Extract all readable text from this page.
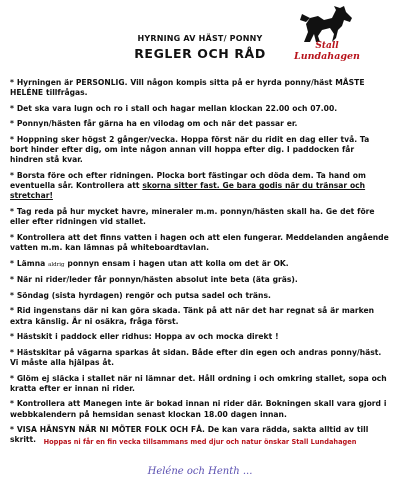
HYRNING AV HÄST/ PONNY
REGLER OCH RÅD	Stall
Lundahagen
* Hyrningen är PERSONLIG. Vill någon kompis sitta på er hyrda ponny/häst MÅSTE HELÉNE tillfrågas.
* Det ska vara lugn och ro i stall och hagar mellan klockan 22.00 och 07.00.
* Ponnyn/hästen får gärna ha en vilodag om och när det passar er.
* Hoppning sker högst 2 gånger/vecka. Hoppa först när du ridit en dag eller två. Ta bort hinder efter dig, om inte någon annan vill hoppa efter dig. I paddocken får hindren stå kvar.
* Borsta före och efter ridningen. Plocka bort fästingar och döda dem. Ta hand om eventuella sår. Kontrollera att skorna sitter fast. Ge bara godis när du tränsar och stretchar!
* Tag reda på hur mycket havre, mineraler m.m. ponnyn/hästen skall ha. Ge det före eller efter ridningen vid stallet.
* Kontrollera att det finns vatten i hagen och att elen fungerar. Meddelanden angående vatten m.m. kan lämnas på whiteboardtavlan.
* Lämna aldrig ponnyn ensam i hagen utan att kolla om det är OK.
* När ni rider/leder får ponnyn/hästen absolut inte beta (äta gräs).
* Söndag (sista hyrdagen) rengör och putsa sadel och träns.
* Rid ingenstans där ni kan göra skada. Tänk på att när det har regnat så är marken extra känslig. Är ni osäkra, fråga först.
* Hästskit i paddock eller ridhus: Hoppa av och mocka direkt !
* Hästskitar på vägarna sparkas åt sidan. Både efter din egen och andras ponny/häst. Vi måste alla hjälpas åt.
* Glöm ej släcka i stallet när ni lämnar det. Håll ordning i och omkring stallet, sopa och kratta efter er innan ni rider.
* Kontrollera att Manegen inte är bokad innan ni rider där. Bokningen skall vara gjord i webbkalendern på hemsidan senast klockan 18.00 dagen innan.
* VISA HÄNSYN NÄR NI MÖTER FOLK OCH FÅ. De kan vara rädda, sakta alltid av till skritt.	Hoppas ni får en fin vecka tillsammans med djur och natur önskar Stall Lundahagen
Heléne och Henth ...
